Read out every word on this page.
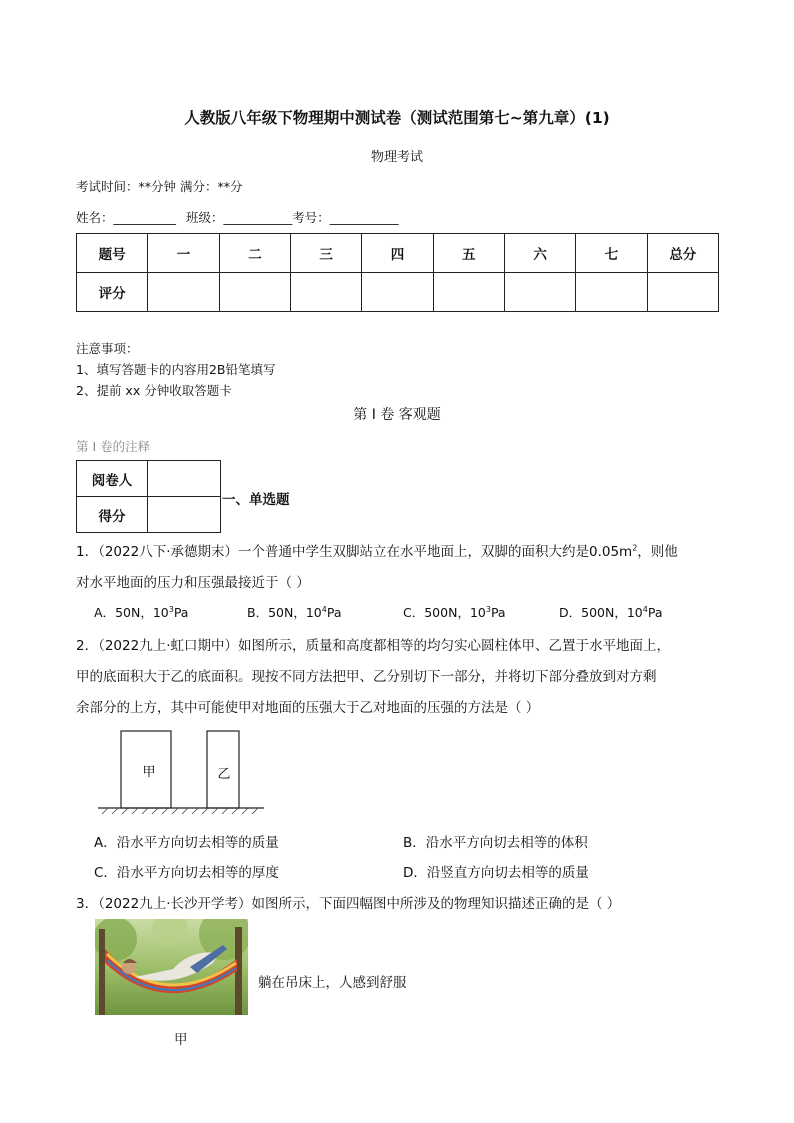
人教版八年级下物理期中测试卷（测试范围第七~第九章）(1)
物理考试
考试时间：**分钟 满分：**分
姓名：__________ 班级：___________考号：___________
题号	一	二	三	四	五	六	七	总分
评分								
注意事项：
1、填写答题卡的内容用2B铅笔填写
2、提前 xx 分钟收取答题卡
第 I 卷 客观题
第 I 卷的注释
阅卷人	
得分	
一、单选题
1．（2022八下·承德期末）一个普通中学生双脚站立在水平地面上，双脚的面积大约是$0.05m^2$，则他
对水平地面的压力和压强最接近于（ ）
A．50N，$10^3Pa$	B．50N，$10^4Pa$	C．500N，$10^3Pa$	D．500N，$10^4Pa$
2．（2022九上·虹口期中）如图所示，质量和高度都相等的均匀实心圆柱体甲、乙置于水平地面上，
甲的底面积大于乙的底面积。现按不同方法把甲、乙分别切下一部分，并将切下部分叠放到对方剩
余部分的上方，其中可能使甲对地面的压强大于乙对地面的压强的方法是（ ）
甲	乙
A．沿水平方向切去相等的质量	B．沿水平方向切去相等的体积
C．沿水平方向切去相等的厚度	D．沿竖直方向切去相等的质量
3．（2022九上·长沙开学考）如图所示，下面四幅图中所涉及的物理知识描述正确的是（ ）
躺在吊床上，人感到舒服
甲
